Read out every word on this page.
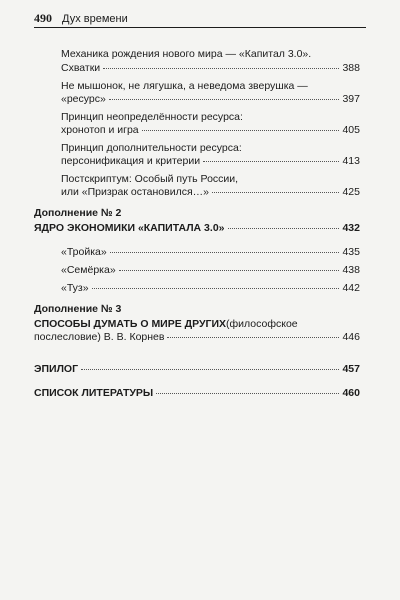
490 Дух времени
Механика рождения нового мира — «Капитал 3.0».
Схватки	388
Не мышонок, не лягушка, а неведома зверушка —
«ресурс»	397
Принцип неопределённости ресурса:
хронотоп и игра	405
Принцип дополнительности ресурса:
персонификация и критерии	413
Постскриптум: Особый путь России,
или «Призрак остановился…»	425
Дополнение № 2
ЯДРО ЭКОНОМИКИ «КАПИТАЛА 3.0»	432
«Тройка»	435
«Семёрка»	438
«Туз»	442
Дополнение № 3
СПОСОБЫ ДУМАТЬ О МИРЕ ДРУГИХ (философское
послесловие) В. В. Корнев	446
ЭПИЛОГ	457
СПИСОК ЛИТЕРАТУРЫ	460
